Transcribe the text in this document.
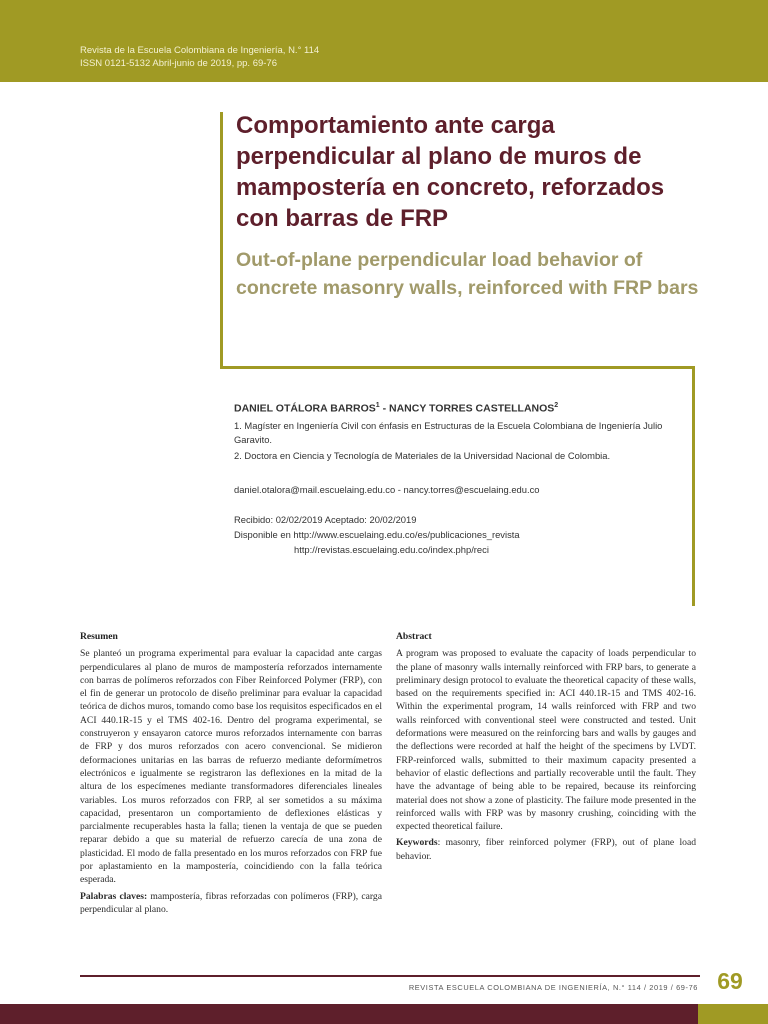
Revista de la Escuela Colombiana de Ingeniería, N.° 114
ISSN 0121-5132 Abril-junio de 2019, pp. 69-76
Comportamiento ante carga perpendicular al plano de muros de mampostería en concreto, reforzados con barras de FRP
Out-of-plane perpendicular load behavior of concrete masonry walls, reinforced with FRP bars
DANIEL OTÁLORA BARROS$^1$ - NANCY TORRES CASTELLANOS$^2$
1. Magíster en Ingeniería Civil con énfasis en Estructuras de la Escuela Colombiana de Ingeniería Julio Garavito.
2. Doctora en Ciencia y Tecnología de Materiales de la Universidad Nacional de Colombia.
daniel.otalora@mail.escuelaing.edu.co - nancy.torres@escuelaing.edu.co
Recibido: 02/02/2019 Aceptado: 20/02/2019
Disponible en http://www.escuelaing.edu.co/es/publicaciones_revista
http://revistas.escuelaing.edu.co/index.php/reci
Resumen

Se planteó un programa experimental para evaluar la capacidad ante cargas perpendiculares al plano de muros de mampostería reforzados internamente con barras de polímeros reforzados con Fiber Reinforced Polymer (FRP), con el fin de generar un protocolo de diseño preliminar para evaluar la capacidad teórica de dichos muros, tomando como base los requisitos especificados en el ACI 440.1R-15 y el TMS 402-16. Dentro del programa experimental, se construyeron y ensayaron catorce muros reforzados internamente con barras de FRP y dos muros reforzados con acero convencional. Se midieron deformaciones unitarias en las barras de refuerzo mediante deformímetros electrónicos e igualmente se registraron las deflexiones en la mitad de la altura de los especímenes mediante transformadores diferenciales lineales variables. Los muros reforzados con FRP, al ser sometidos a su máxima capacidad, presentaron un comportamiento de deflexiones elásticas y parcialmente recuperables hasta la falla; tienen la ventaja de que se pueden reparar debido a que su material de refuerzo carecía de una zona de plasticidad. El modo de falla presentado en los muros reforzados con FRP fue por aplastamiento en la mampostería, coincidiendo con la falla teórica esperada.

Palabras claves: mampostería, fibras reforzadas con polímeros (FRP), carga perpendicular al plano.

Abstract

A program was proposed to evaluate the capacity of loads perpendicular to the plane of masonry walls internally reinforced with FRP bars, to generate a preliminary design protocol to evaluate the theoretical capacity of these walls, based on the requirements specified in: ACI 440.1R-15 and TMS 402-16. Within the experimental program, 14 walls reinforced with FRP and two walls reinforced with conventional steel were constructed and tested. Unit deformations were measured on the reinforcing bars and walls by gauges and the deflections were recorded at half the height of the specimens by LVDT. FRP-reinforced walls, submitted to their maximum capacity presented a behavior of elastic deflections and partially recoverable until the fault. They have the advantage of being able to be repaired, because its reinforcing material does not show a zone of plasticity. The failure mode presented in the reinforced walls with FRP was by masonry crushing, coinciding with the expected theoretical failure.

Keywords: masonry, fiber reinforced polymer (FRP), out of plane load behavior.

REVISTA ESCUELA COLOMBIANA DE INGENIERÍA, N.° 114 / 2019 / 69-76 69
